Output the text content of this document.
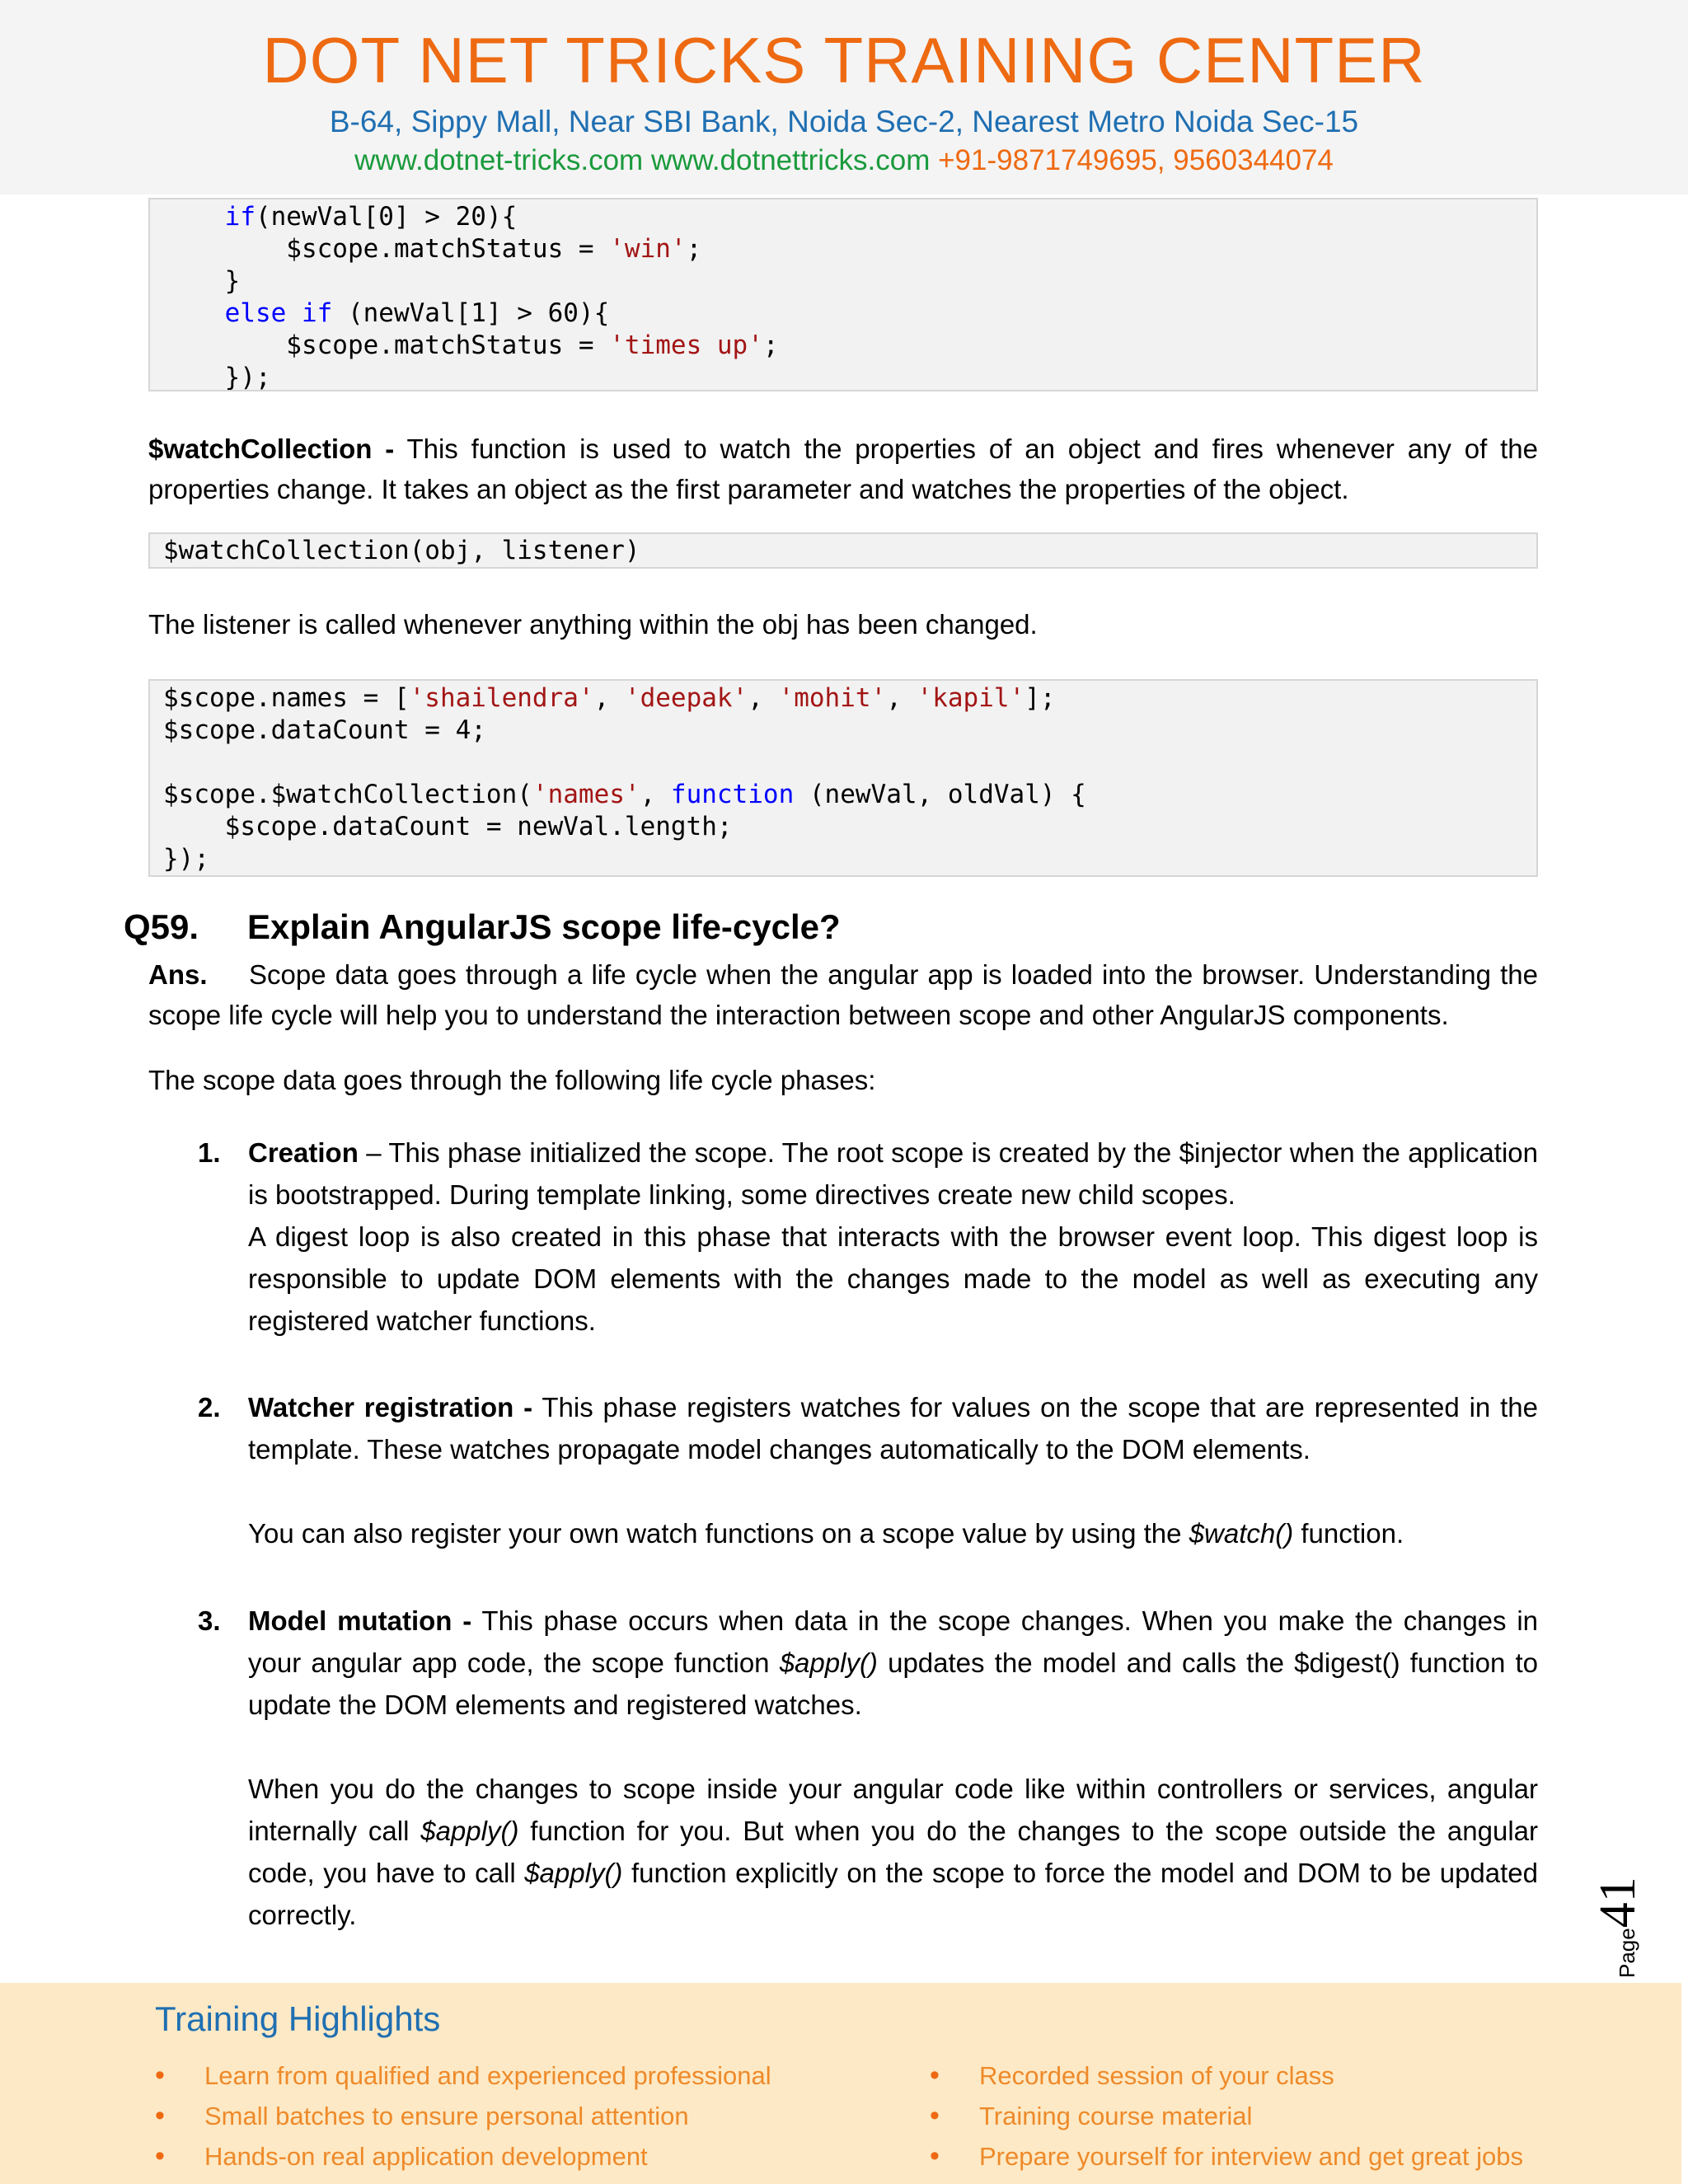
DOT NET TRICKS TRAINING CENTER
B-64, Sippy Mall, Near SBI Bank, Noida Sec-2, Nearest Metro Noida Sec-15
www.dotnet-tricks.com www.dotnettricks.com +91-9871749695, 9560344074
if(newVal[0] > 20){
$scope.matchStatus = 'win';
}
else if (newVal[1] > 60){
$scope.matchStatus = 'times up';
});
$watchCollection - This function is used to watch the properties of an object and fires whenever any of the properties change. It takes an object as the first parameter and watches the properties of the object.
$watchCollection(obj, listener)
The listener is called whenever anything within the obj has been changed.
$scope.names = ['shailendra', 'deepak', 'mohit', 'kapil'];
$scope.dataCount = 4;

$scope.$watchCollection('names', function (newVal, oldVal) {
$scope.dataCount = newVal.length;
});
Q59. Explain AngularJS scope life-cycle?
Ans. Scope data goes through a life cycle when the angular app is loaded into the browser. Understanding the scope life cycle will help you to understand the interaction between scope and other AngularJS components.
The scope data goes through the following life cycle phases:
1. Creation – This phase initialized the scope. The root scope is created by the $injector when the application is bootstrapped. During template linking, some directives create new child scopes.

A digest loop is also created in this phase that interacts with the browser event loop. This digest loop is responsible to update DOM elements with the changes made to the model as well as executing any registered watcher functions.

2. Watcher registration - This phase registers watches for values on the scope that are represented in the template. These watches propagate model changes automatically to the DOM elements.

You can also register your own watch functions on a scope value by using the $watch() function.

3. Model mutation - This phase occurs when data in the scope changes. When you make the changes in your angular app code, the scope function $apply() updates the model and calls the $digest() function to update the DOM elements and registered watches.

When you do the changes to scope inside your angular code like within controllers or services, angular internally call $apply() function for you. But when you do the changes to the scope outside the angular code, you have to call $apply() function explicitly on the scope to force the model and DOM to be updated correctly.

Page41
Training Highlights
• Learn from qualified and experienced professional
• Small batches to ensure personal attention
• Hands-on real application development
• Recorded session of your class
• Training course material
• Prepare yourself for interview and get great jobs
